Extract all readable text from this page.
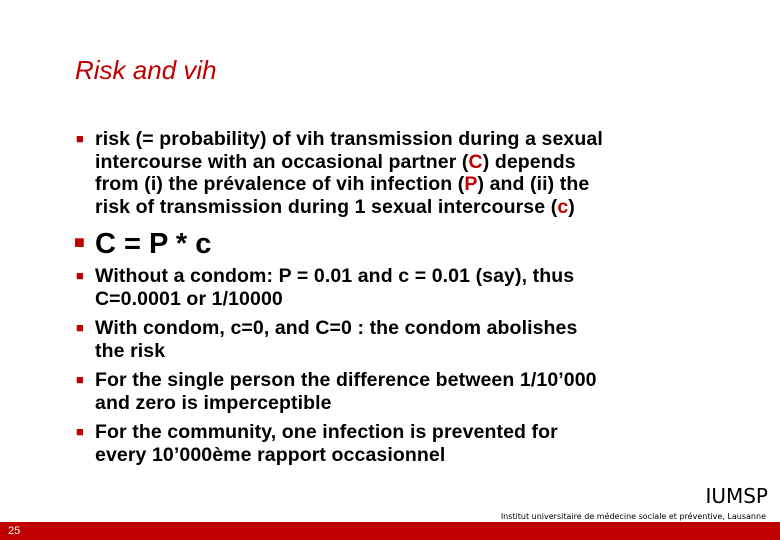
Risk and vih
■
risk (= probability) of vih transmission during a sexual
intercourse with an occasional partner (C) depends
from (i) the prévalence of vih infection (P) and (ii) the
risk of transmission during 1 sexual intercourse (c)
■
C = P * c
■
Without a condom: P = 0.01 and c = 0.01 (say), thus
C=0.0001 or 1/10000
■
With condom, c=0, and C=0 : the condom abolishes
the risk
■
For the single person the difference between 1/10’000
and zero is imperceptible
■
For the community, one infection is prevented for
every 10’000ème rapport occasionnel
IUMSP
Institut universitaire de médecine sociale et préventive, Lausanne
25
